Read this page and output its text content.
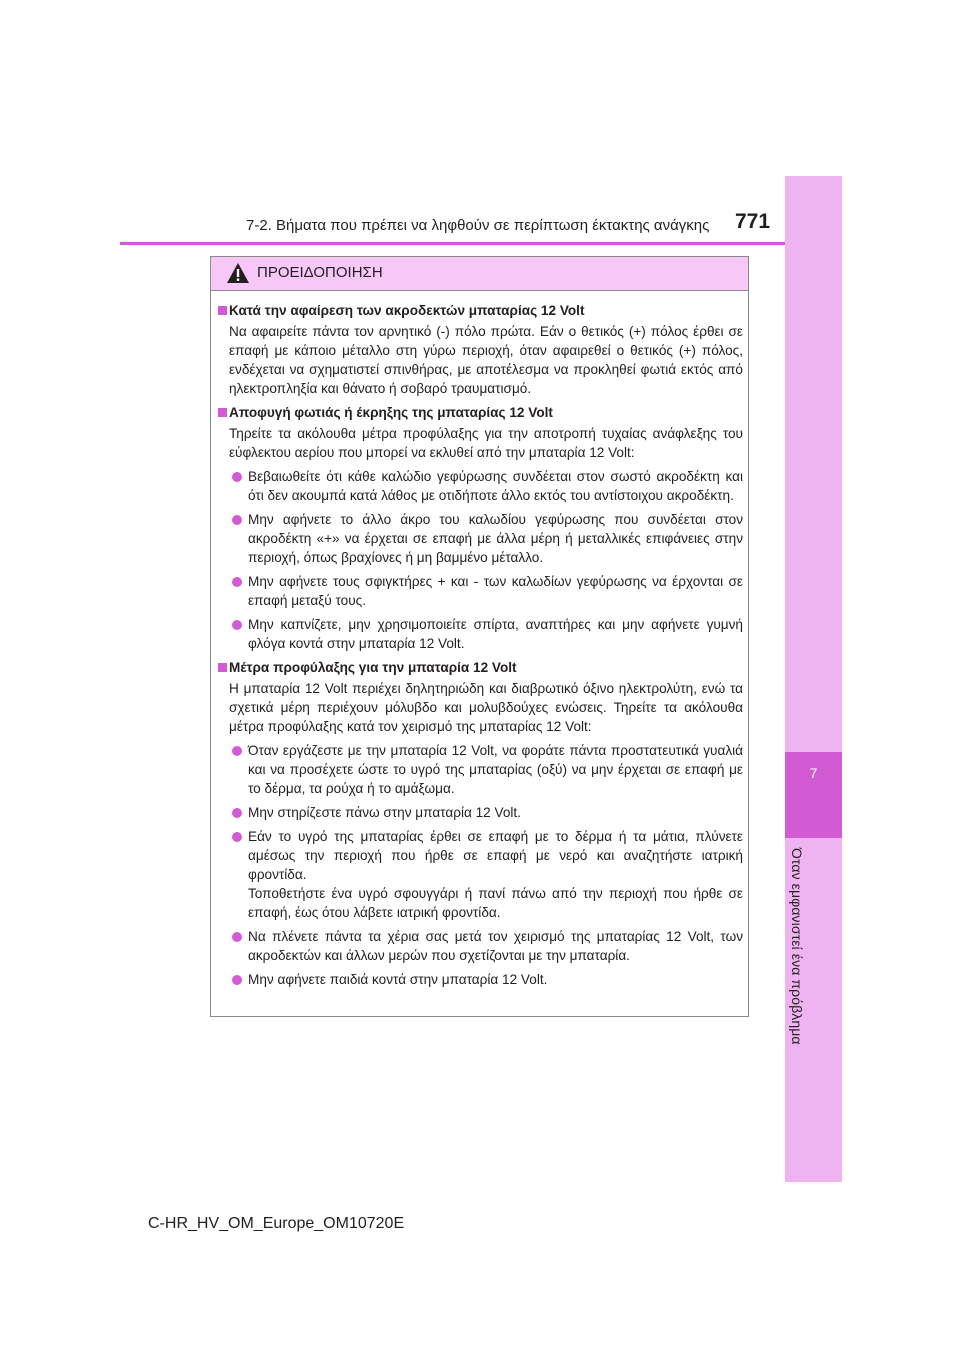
7
Όταν εμφανιστεί ένα πρόβλημα
7-2. Βήματα που πρέπει να ληφθούν σε περίπτωση έκτακτης ανάγκης 771
ΠΡΟΕΙΔΟΠΟΙΗΣΗ
Κατά την αφαίρεση των ακροδεκτών μπαταρίας 12 Volt
Να αφαιρείτε πάντα τον αρνητικό (-) πόλο πρώτα. Εάν ο θετικός (+) πόλος έρθει σε επαφή με κάποιο μέταλλο στη γύρω περιοχή, όταν αφαιρεθεί ο θετικός (+) πόλος, ενδέχεται να σχηματιστεί σπινθήρας, με αποτέλεσμα να προκληθεί φωτιά εκτός από ηλεκτροπληξία και θάνατο ή σοβαρό τραυματισμό.
Αποφυγή φωτιάς ή έκρηξης της μπαταρίας 12 Volt
Τηρείτε τα ακόλουθα μέτρα προφύλαξης για την αποτροπή τυχαίας ανάφλεξης του εύφλεκτου αερίου που μπορεί να εκλυθεί από την μπαταρία 12 Volt:
Βεβαιωθείτε ότι κάθε καλώδιο γεφύρωσης συνδέεται στον σωστό ακροδέκτη και ότι δεν ακουμπά κατά λάθος με οτιδήποτε άλλο εκτός του αντίστοιχου ακροδέκτη.
Μην αφήνετε το άλλο άκρο του καλωδίου γεφύρωσης που συνδέεται στον ακροδέκτη «+» να έρχεται σε επαφή με άλλα μέρη ή μεταλλικές επιφάνειες στην περιοχή, όπως βραχίονες ή μη βαμμένο μέταλλο.
Μην αφήνετε τους σφιγκτήρες + και - των καλωδίων γεφύρωσης να έρχονται σε επαφή μεταξύ τους.
Μην καπνίζετε, μην χρησιμοποιείτε σπίρτα, αναπτήρες και μην αφήνετε γυμνή φλόγα κοντά στην μπαταρία 12 Volt.
Μέτρα προφύλαξης για την μπαταρία 12 Volt
Η μπαταρία 12 Volt περιέχει δηλητηριώδη και διαβρωτικό όξινο ηλεκτρολύτη, ενώ τα σχετικά μέρη περιέχουν μόλυβδο και μολυβδούχες ενώσεις. Τηρείτε τα ακόλουθα μέτρα προφύλαξης κατά τον χειρισμό της μπαταρίας 12 Volt:
Όταν εργάζεστε με την μπαταρία 12 Volt, να φοράτε πάντα προστατευτικά γυαλιά και να προσέχετε ώστε το υγρό της μπαταρίας (οξύ) να μην έρχεται σε επαφή με το δέρμα, τα ρούχα ή το αμάξωμα.
Μην στηρίζεστε πάνω στην μπαταρία 12 Volt.
Εάν το υγρό της μπαταρίας έρθει σε επαφή με το δέρμα ή τα μάτια, πλύνετε αμέσως την περιοχή που ήρθε σε επαφή με νερό και αναζητήστε ιατρική φροντίδα.
Τοποθετήστε ένα υγρό σφουγγάρι ή πανί πάνω από την περιοχή που ήρθε σε επαφή, έως ότου λάβετε ιατρική φροντίδα.
Να πλένετε πάντα τα χέρια σας μετά τον χειρισμό της μπαταρίας 12 Volt, των ακροδεκτών και άλλων μερών που σχετίζονται με την μπαταρία.
Μην αφήνετε παιδιά κοντά στην μπαταρία 12 Volt.
C-HR_HV_OM_Europe_OM10720E
